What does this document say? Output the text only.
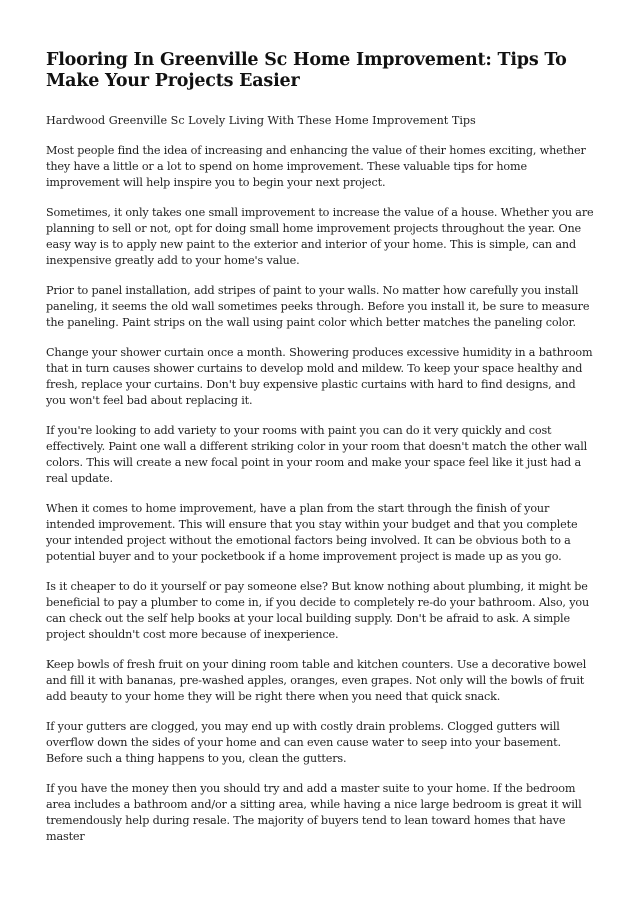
Flooring In Greenville Sc Home Improvement: Tips To Make Your Projects Easier

Hardwood Greenville Sc Lovely Living With These Home Improvement Tips

Most people find the idea of increasing and enhancing the value of their homes exciting, whether they have a little or a lot to spend on home improvement. These valuable tips for home improvement will help inspire you to begin your next project.

Sometimes, it only takes one small improvement to increase the value of a house. Whether you are planning to sell or not, opt for doing small home improvement projects throughout the year. One easy way is to apply new paint to the exterior and interior of your home. This is simple, can and inexpensive greatly add to your home's value.

Prior to panel installation, add stripes of paint to your walls. No matter how carefully you install paneling, it seems the old wall sometimes peeks through. Before you install it, be sure to measure the paneling. Paint strips on the wall using paint color which better matches the paneling color.

Change your shower curtain once a month. Showering produces excessive humidity in a bathroom that in turn causes shower curtains to develop mold and mildew. To keep your space healthy and fresh, replace your curtains. Don't buy expensive plastic curtains with hard to find designs, and you won't feel bad about replacing it.

If you're looking to add variety to your rooms with paint you can do it very quickly and cost effectively. Paint one wall a different striking color in your room that doesn't match the other wall colors. This will create a new focal point in your room and make your space feel like it just had a real update.

When it comes to home improvement, have a plan from the start through the finish of your intended improvement. This will ensure that you stay within your budget and that you complete your intended project without the emotional factors being involved. It can be obvious both to a potential buyer and to your pocketbook if a home improvement project is made up as you go.

Is it cheaper to do it yourself or pay someone else? But know nothing about plumbing, it might be beneficial to pay a plumber to come in, if you decide to completely re-do your bathroom. Also, you can check out the self help books at your local building supply. Don't be afraid to ask. A simple project shouldn't cost more because of inexperience.

Keep bowls of fresh fruit on your dining room table and kitchen counters. Use a decorative bowel and fill it with bananas, pre-washed apples, oranges, even grapes. Not only will the bowls of fruit add beauty to your home they will be right there when you need that quick snack.

If your gutters are clogged, you may end up with costly drain problems. Clogged gutters will overflow down the sides of your home and can even cause water to seep into your basement. Before such a thing happens to you, clean the gutters.

If you have the money then you should try and add a master suite to your home. If the bedroom area includes a bathroom and/or a sitting area, while having a nice large bedroom is great it will tremendously help during resale. The majority of buyers tend to lean toward homes that have master
